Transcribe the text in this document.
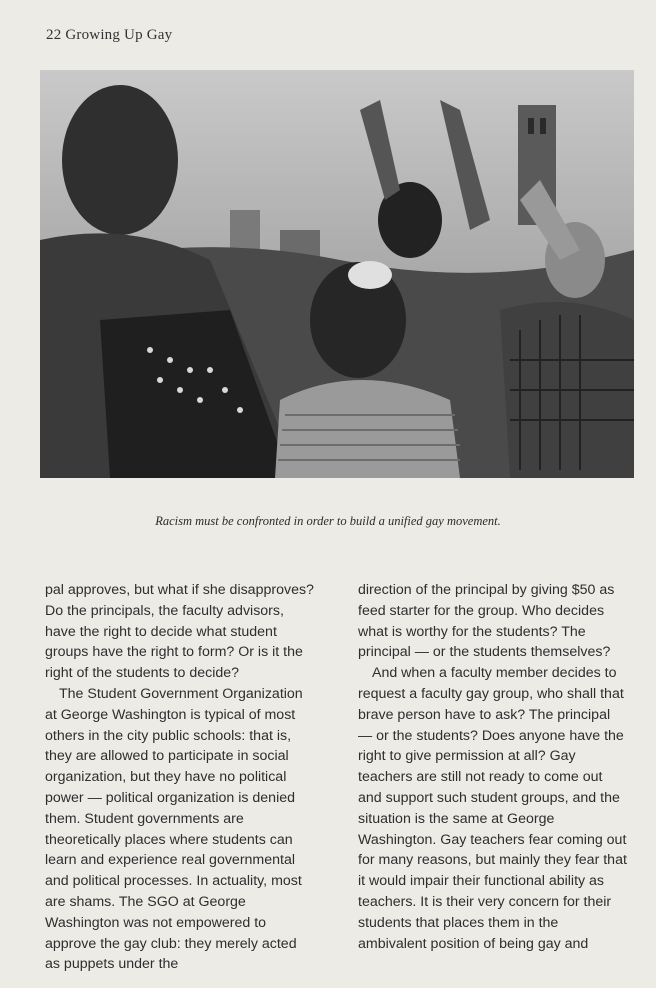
22 Growing Up Gay
Racism must be confronted in order to build a unified gay movement.

pal approves, but what if she disapproves? Do the principals, the faculty advisors, have the right to decide what student groups have the right to form? Or is it the right of the students to decide?

The Student Government Organization at George Washington is typical of most others in the city public schools: that is, they are allowed to participate in social organization, but they have no political power — political organization is denied them. Student governments are theoretically places where students can learn and experience real governmental and political processes. In actuality, most are shams. The SGO at George Washington was not empowered to approve the gay club: they merely acted as puppets under the

direction of the principal by giving $50 as feed starter for the group. Who decides what is worthy for the students? The principal — or the students themselves?

And when a faculty member decides to request a faculty gay group, who shall that brave person have to ask? The principal — or the students? Does anyone have the right to give permission at all? Gay teachers are still not ready to come out and support such student groups, and the situation is the same at George Washington. Gay teachers fear coming out for many reasons, but mainly they fear that it would impair their functional ability as teachers. It is their very concern for their students that places them in the ambivalent position of being gay and
